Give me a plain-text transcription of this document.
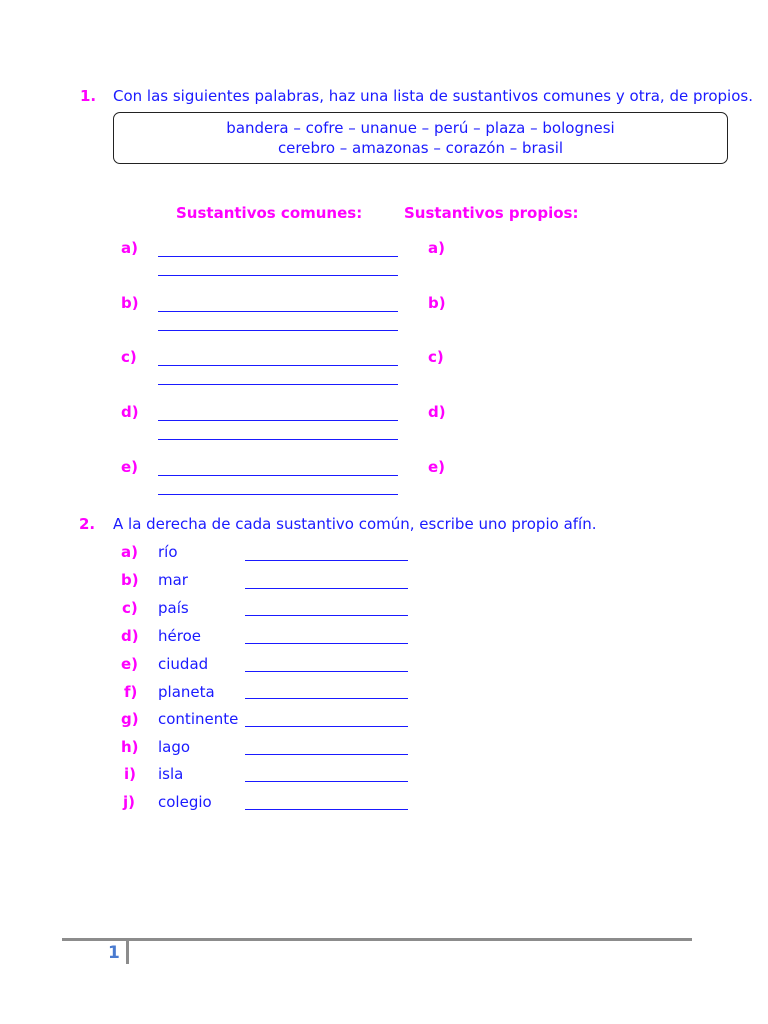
1. Con las siguientes palabras, haz una lista de sustantivos comunes y otra, de propios.
bandera – cofre – unanue – perú – plaza – bolognesi
cerebro – amazonas – corazón – brasil
Sustantivos comunes:	Sustantivos propios:
a)	a)
b)	b)
c)	c)
d)	d)
e)	e)
2. A la derecha de cada sustantivo común, escribe uno propio afín.
a) río
b) mar
c) país
d) héroe
e) ciudad
f) planeta
g) continente
h) lago
i) isla
j) colegio
1
